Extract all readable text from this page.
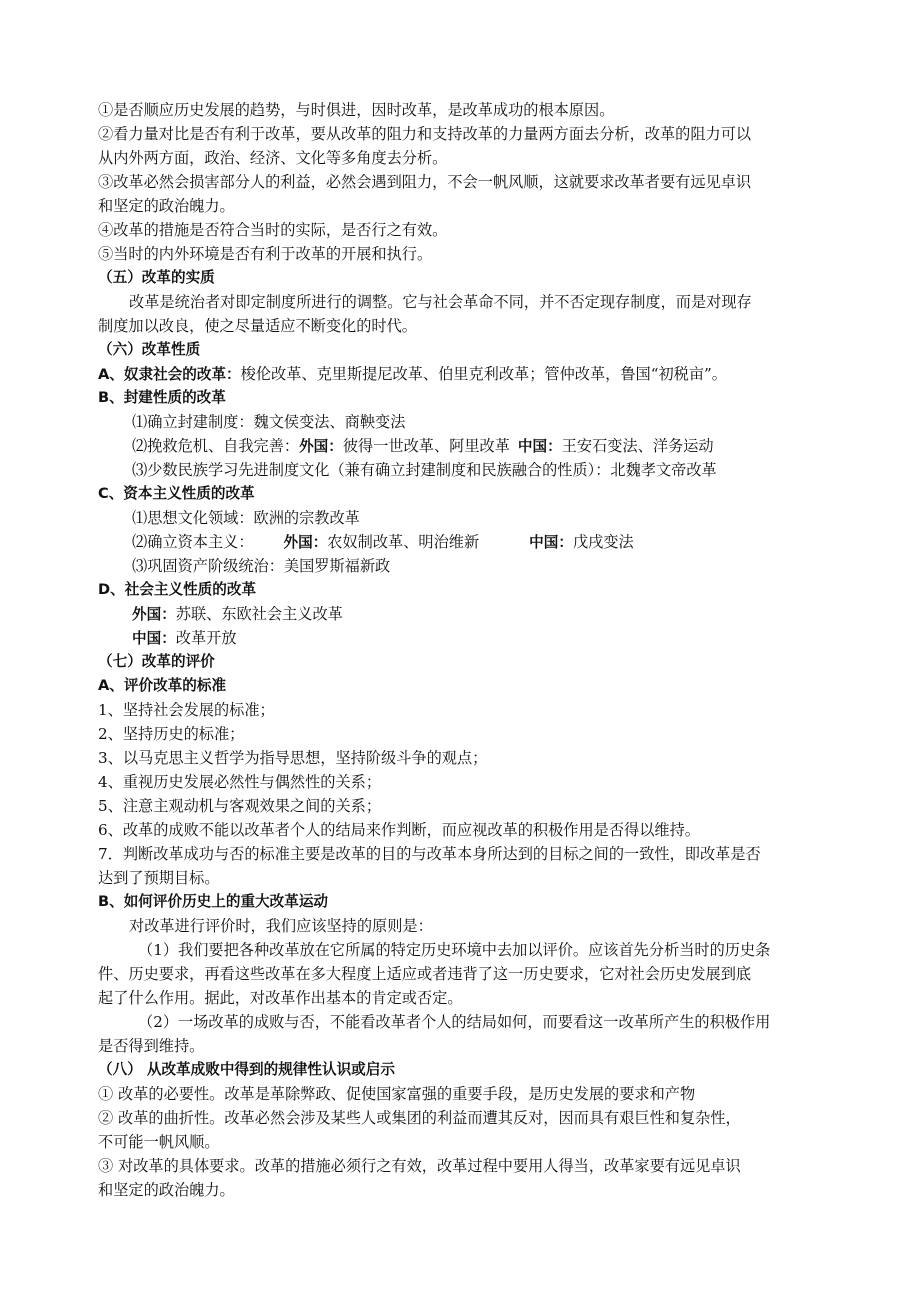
①是否顺应历史发展的趋势，与时俱进，因时改革，是改革成功的根本原因。
②看力量对比是否有利于改革，要从改革的阻力和支持改革的力量两方面去分析，改革的阻力可以
从内外两方面，政治、经济、文化等多角度去分析。
③改革必然会损害部分人的利益，必然会遇到阻力，不会一帆风顺，这就要求改革者要有远见卓识
和坚定的政治魄力。
④改革的措施是否符合当时的实际，是否行之有效。
⑤当时的内外环境是否有利于改革的开展和执行。
（五）改革的实质
改革是统治者对即定制度所进行的调整。它与社会革命不同，并不否定现存制度，而是对现存
制度加以改良，使之尽量适应不断变化的时代。
（六）改革性质
A、奴隶社会的改革：梭伦改革、克里斯提尼改革、伯里克利改革；管仲改革，鲁国“初税亩”。
B、封建性质的改革
⑴确立封建制度：魏文侯变法、商鞅变法
⑵挽救危机、自我完善：外国：彼得一世改革、阿里改革 中国：王安石变法、洋务运动
⑶少数民族学习先进制度文化（兼有确立封建制度和民族融合的性质）：北魏孝文帝改革
C、资本主义性质的改革
⑴思想文化领域：欧洲的宗教改革
⑵确立资本主义： 外国：农奴制改革、明治维新	中国：戊戌变法
⑶巩固资产阶级统治：美国罗斯福新政
D、社会主义性质的改革
外国：苏联、东欧社会主义改革
中国：改革开放
（七）改革的评价
A、评价改革的标准
1、坚持社会发展的标准；
2、坚持历史的标准；
3、以马克思主义哲学为指导思想，坚持阶级斗争的观点；
4、重视历史发展必然性与偶然性的关系；
5、注意主观动机与客观效果之间的关系；
6、改革的成败不能以改革者个人的结局来作判断，而应视改革的积极作用是否得以维持。
7．判断改革成功与否的标准主要是改革的目的与改革本身所达到的目标之间的一致性，即改革是否
达到了预期目标。
B、如何评价历史上的重大改革运动
对改革进行评价时，我们应该坚持的原则是：
（1）我们要把各种改革放在它所属的特定历史环境中去加以评价。应该首先分析当时的历史条
件、历史要求，再看这些改革在多大程度上适应或者违背了这一历史要求，它对社会历史发展到底
起了什么作用。据此，对改革作出基本的肯定或否定。
（2）一场改革的成败与否，不能看改革者个人的结局如何，而要看这一改革所产生的积极作用
是否得到维持。
（八） 从改革成败中得到的规律性认识或启示
① 改革的必要性。改革是革除弊政、促使国家富强的重要手段，是历史发展的要求和产物
② 改革的曲折性。改革必然会涉及某些人或集团的利益而遭其反对，因而具有艰巨性和复杂性，
不可能一帆风顺。
③ 对改革的具体要求。改革的措施必须行之有效，改革过程中要用人得当，改革家要有远见卓识
和坚定的政治魄力。
